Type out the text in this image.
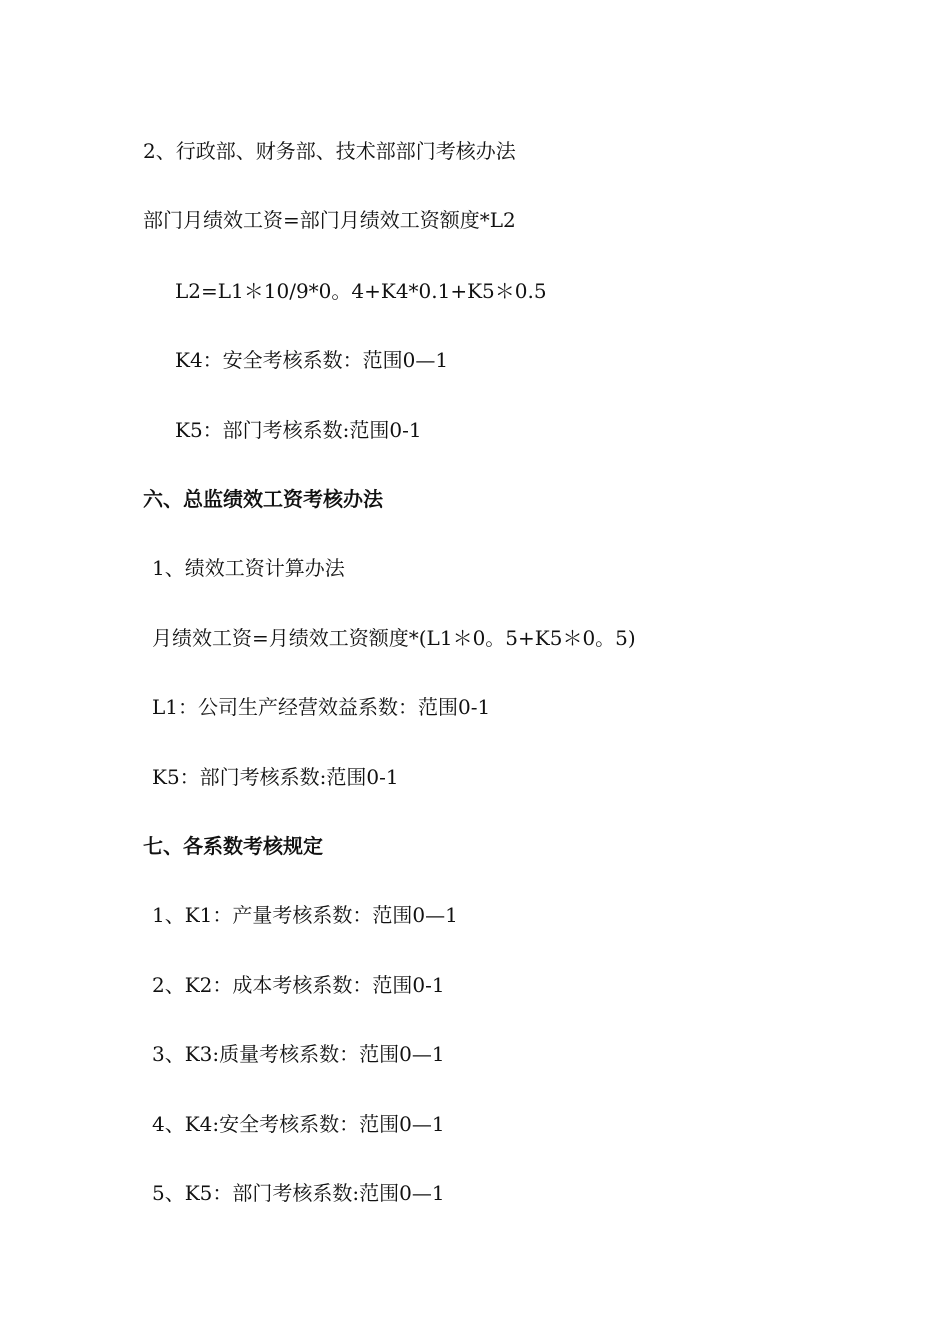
2、行政部、财务部、技术部部门考核办法
部门月绩效工资=部门月绩效工资额度*L2
L2=L1＊10/9*0。4+K4*0.1+K5＊0.5
K4：安全考核系数：范围0—1
K5：部门考核系数:范围0-1
六、总监绩效工资考核办法
1、绩效工资计算办法
月绩效工资=月绩效工资额度*(L1＊0。5+K5＊0。5)
L1：公司生产经营效益系数：范围0-1
K5：部门考核系数:范围0-1
七、各系数考核规定
1、K1：产量考核系数：范围0—1
2、K2：成本考核系数：范围0-1
3、K3:质量考核系数：范围0—1
4、K4:安全考核系数：范围0—1
5、K5：部门考核系数:范围0—1
